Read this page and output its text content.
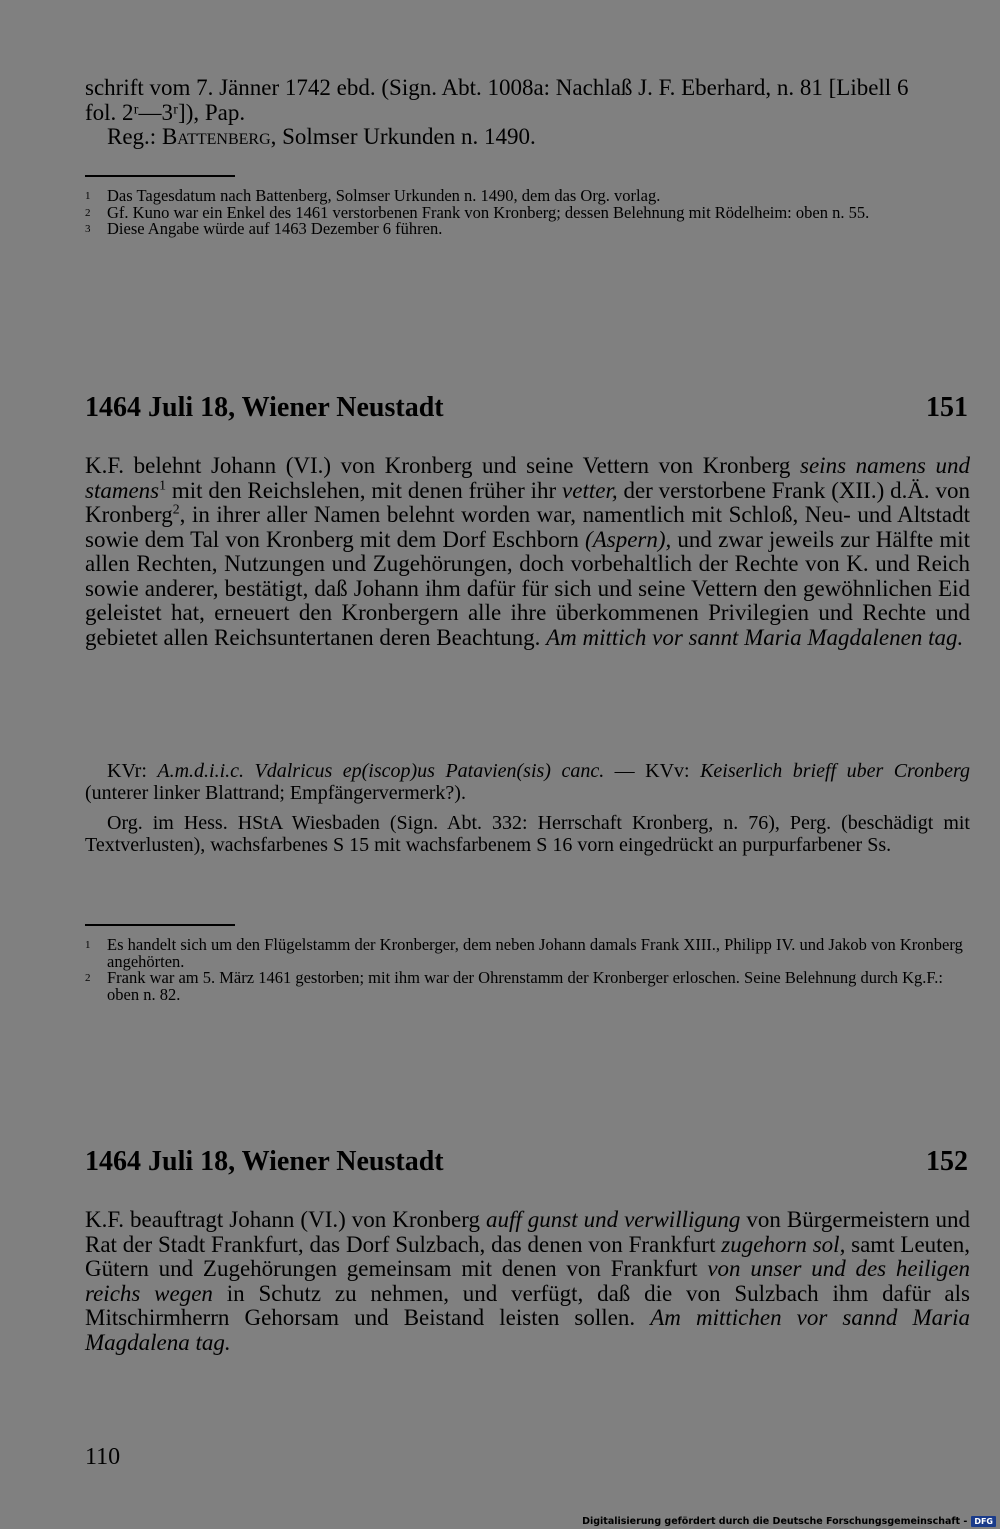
schrift vom 7. Jänner 1742 ebd. (Sign. Abt. 1008a: Nachlaß J. F. Eberhard, n. 81 [Libell 6

fol. 2ʳ—3ʳ]), Pap.

Reg.: Battenberg, Solmser Urkunden n. 1490.

1 Das Tagesdatum nach Battenberg, Solmser Urkunden n. 1490, dem das Org. vorlag.

2 Gf. Kuno war ein Enkel des 1461 verstorbenen Frank von Kronberg; dessen Belehnung mit Rödelheim: oben n. 55.

3 Diese Angabe würde auf 1463 Dezember 6 führen.

1464 Juli 18, Wiener Neustadt	151

K.F. belehnt Johann (VI.) von Kronberg und seine Vettern von Kronberg seins namens und stamens$^1$ mit den Reichslehen, mit denen früher ihr vetter, der verstorbene Frank (XII.) d.Ä. von Kronberg$^2$, in ihrer aller Namen belehnt worden war, namentlich mit Schloß, Neu- und Altstadt sowie dem Tal von Kronberg mit dem Dorf Eschborn (Aspern), und zwar jeweils zur Hälfte mit allen Rechten, Nutzungen und Zugehörungen, doch vorbehaltlich der Rechte von K. und Reich sowie anderer, bestätigt, daß Johann ihm dafür für sich und seine Vettern den gewöhnlichen Eid geleistet hat, erneuert den Kronbergern alle ihre überkommenen Privilegien und Rechte und gebietet allen Reichsuntertanen deren Beachtung. Am mittich vor sannt Maria Magdalenen tag.

KVr: A.m.d.i.i.c. Vdalricus ep(iscop)us Patavien(sis) canc. — KVv: Keiserlich brieff uber Cronberg (unterer linker Blattrand; Empfängervermerk?).

Org. im Hess. HStA Wiesbaden (Sign. Abt. 332: Herrschaft Kronberg, n. 76), Perg. (beschädigt mit Textverlusten), wachsfarbenes S 15 mit wachsfarbenem S 16 vorn eingedrückt an purpurfarbener Ss.

1 Es handelt sich um den Flügelstamm der Kronberger, dem neben Johann damals Frank XIII., Philipp IV. und Jakob von Kronberg angehörten.

2 Frank war am 5. März 1461 gestorben; mit ihm war der Ohrenstamm der Kronberger erloschen. Seine Belehnung durch Kg.F.: oben n. 82.

1464 Juli 18, Wiener Neustadt	152

K.F. beauftragt Johann (VI.) von Kronberg auff gunst und verwilligung von Bürgermeistern und Rat der Stadt Frankfurt, das Dorf Sulzbach, das denen von Frankfurt zugehorn sol, samt Leuten, Gütern und Zugehörungen gemeinsam mit denen von Frankfurt von unser und des heiligen reichs wegen in Schutz zu nehmen, und verfügt, daß die von Sulzbach ihm dafür als Mitschirmherrn Gehorsam und Beistand leisten sollen. Am mittichen vor sannd Maria Magdalena tag.

110
Digitalisierung gefördert durch die Deutsche Forschungsgemeinschaft - DFG
